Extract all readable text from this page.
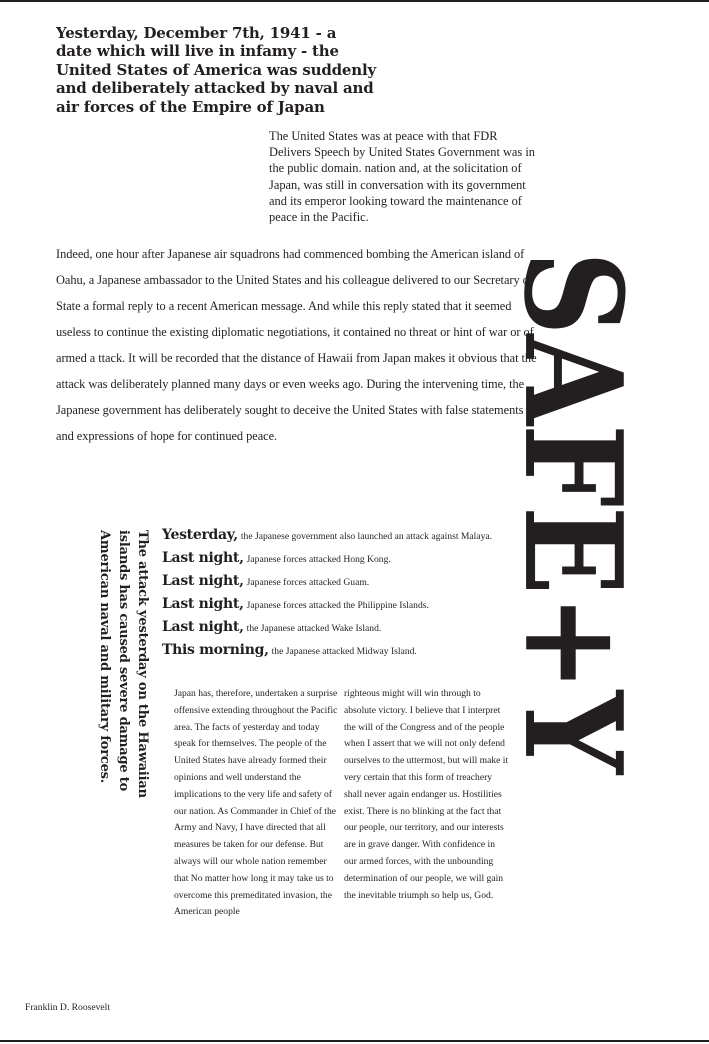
Yesterday, December 7th, 1941 - a date which will live in infamy - the United States of America was suddenly and deliberately attacked by naval and air forces of the Empire of Japan

The United States was at peace with that FDR Delivers Speech by United States Government was in the public domain. nation and, at the solicitation of Japan, was still in conversation with its government and its emperor looking toward the maintenance of peace in the Pacific.

Indeed, one hour after Japanese air squadrons had commenced bombing the American island of Oahu, a Japanese ambassador to the United States and his colleague delivered to our Secretary of State a formal reply to a recent American message. And while this reply stated that it seemed useless to continue the existing diplomatic negotiations, it contained no threat or hint of war or of armed a ttack. It will be recorded that the distance of Hawaii from Japan makes it obvious that the attack was deliberately planned many days or even weeks ago. During the intervening time, the Japanese government has deliberately sought to deceive the United States with false statements and expressions of hope for continued peace.	SAFE+Y

The attack yesterday on the Hawaiian islands has caused severe damage to American naval and military forces.	Yesterday, the Japanese government also launched an attack against Malaya.
Last night, Japanese forces attacked Hong Kong.
Last night, Japanese forces attacked Guam.
Last night, Japanese forces attacked the Philippine Islands.
Last night, the Japanese attacked Wake Island.
This morning, the Japanese attacked Midway Island.

Japan has, therefore, undertaken a surprise offensive extending throughout the Pacific area. The facts of yesterday and today speak for themselves. The people of the United States have already formed their opinions and well understand the implications to the very life and safety of our nation. As Commander in Chief of the Army and Navy, I have directed that all measures be taken for our defense. But always will our whole nation remember that No matter how long it may take us to overcome this premeditated invasion, the American people

righteous might will win through to absolute victory. I believe that I interpret the will of the Congress and of the people when I assert that we will not only defend ourselves to the uttermost, but will make it very certain that this form of treachery shall never again endanger us. Hostilities exist. There is no blinking at the fact that our people, our territory, and our interests are in grave danger. With confidence in our armed forces, with the unbounding determination of our people, we will gain the inevitable triumph so help us, God.

Franklin D. Roosevelt
